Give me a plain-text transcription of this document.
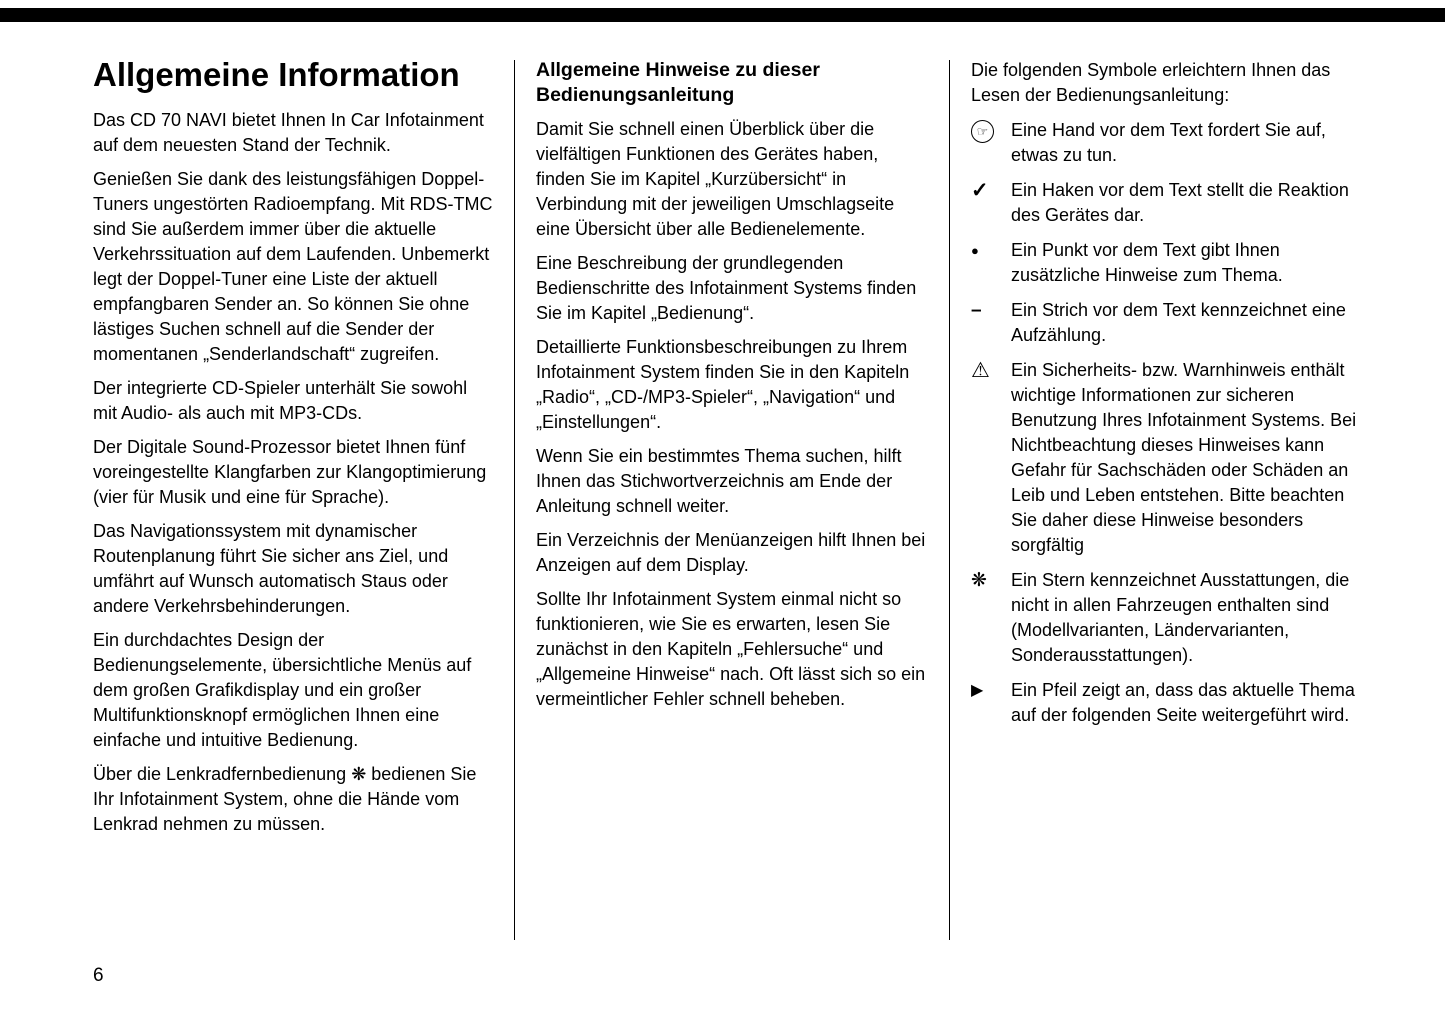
Allgemeine Information

Das CD 70 NAVI bietet Ihnen In Car Infotainment auf dem neuesten Stand der Technik.

Genießen Sie dank des leistungsfähigen Doppel-Tuners ungestörten Radioempfang. Mit RDS-TMC sind Sie außerdem immer über die aktuelle Verkehrssituation auf dem Laufenden. Unbemerkt legt der Doppel-Tuner eine Liste der aktuell empfangbaren Sender an. So können Sie ohne lästiges Suchen schnell auf die Sender der momentanen „Senderlandschaft“ zugreifen.

Der integrierte CD-Spieler unterhält Sie sowohl mit Audio- als auch mit MP3-CDs.

Der Digitale Sound-Prozessor bietet Ihnen fünf voreingestellte Klangfarben zur Klangoptimierung (vier für Musik und eine für Sprache).

Das Navigationssystem mit dynamischer Routenplanung führt Sie sicher ans Ziel, und umfährt auf Wunsch automatisch Staus oder andere Verkehrsbehinderungen.

Ein durchdachtes Design der Bedienungselemente, übersichtliche Menüs auf dem großen Grafikdisplay und ein großer Multifunktionsknopf ermöglichen Ihnen eine einfache und intuitive Bedienung.

Über die Lenkradfernbedienung ❋ bedienen Sie Ihr Infotainment System, ohne die Hände vom Lenkrad nehmen zu müssen.

Allgemeine Hinweise zu dieser Bedienungsanleitung

Damit Sie schnell einen Überblick über die vielfältigen Funktionen des Gerätes haben, finden Sie im Kapitel „Kurzübersicht“ in Verbindung mit der jeweiligen Umschlagseite eine Übersicht über alle Bedienelemente.

Eine Beschreibung der grundlegenden Bedienschritte des Infotainment Systems finden Sie im Kapitel „Bedienung“.

Detaillierte Funktionsbeschreibungen zu Ihrem Infotainment System finden Sie in den Kapiteln „Radio“, „CD-/MP3-Spieler“, „Navigation“ und „Einstellungen“.

Wenn Sie ein bestimmtes Thema suchen, hilft Ihnen das Stichwortverzeichnis am Ende der Anleitung schnell weiter.

Ein Verzeichnis der Menüanzeigen hilft Ihnen bei Anzeigen auf dem Display.

Sollte Ihr Infotainment System einmal nicht so funktionieren, wie Sie es erwarten, lesen Sie zunächst in den Kapiteln „Fehlersuche“ und „Allgemeine Hinweise“ nach. Oft lässt sich so ein vermeintlicher Fehler schnell beheben.

Die folgenden Symbole erleichtern Ihnen das Lesen der Bedienungsanleitung:

☞	Eine Hand vor dem Text fordert Sie auf, etwas zu tun.
✓	Ein Haken vor dem Text stellt die Reaktion des Gerätes dar.
●	Ein Punkt vor dem Text gibt Ihnen zusätzliche Hinweise zum Thema.
–	Ein Strich vor dem Text kennzeichnet eine Aufzählung.
⚠	Ein Sicherheits- bzw. Warnhinweis enthält wichtige Informationen zur sicheren Benutzung Ihres Infotainment Systems. Bei Nichtbeachtung dieses Hinweises kann Gefahr für Sachschäden oder Schäden an Leib und Leben entstehen. Bitte beachten Sie daher diese Hinweise besonders sorgfältig
❋	Ein Stern kennzeichnet Ausstattungen, die nicht in allen Fahrzeugen enthalten sind (Modellvarianten, Ländervarianten, Sonderausstattungen).
▶	Ein Pfeil zeigt an, dass das aktuelle Thema auf der folgenden Seite weitergeführt wird.
6
